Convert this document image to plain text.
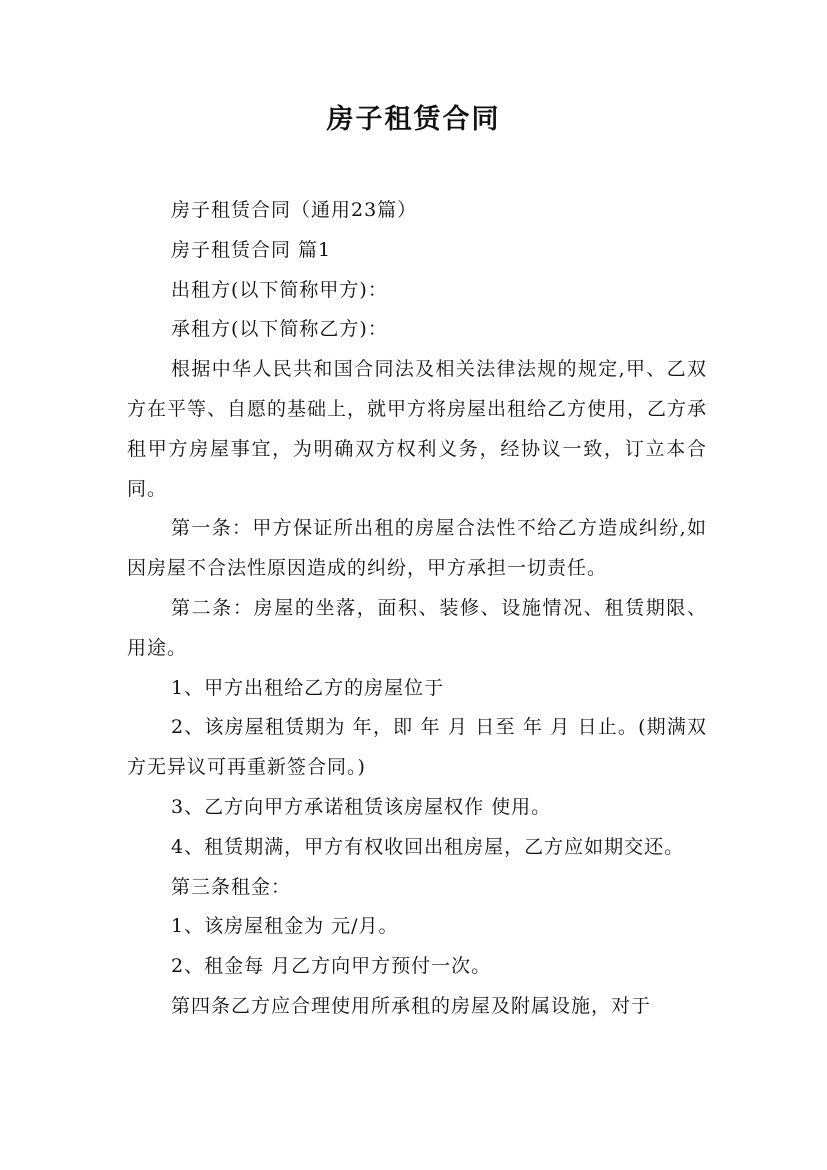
房子租赁合同

房子租赁合同（通用23篇）

房子租赁合同 篇1

出租方(以下简称甲方)：

承租方(以下简称乙方)：

根据中华人民共和国合同法及相关法律法规的规定,甲、乙双方在平等、自愿的基础上，就甲方将房屋出租给乙方使用，乙方承租甲方房屋事宜，为明确双方权利义务，经协议一致，订立本合同。

第一条：甲方保证所出租的房屋合法性不给乙方造成纠纷,如因房屋不合法性原因造成的纠纷，甲方承担一切责任。

第二条：房屋的坐落，面积、装修、设施情况、租赁期限、用途。

1、甲方出租给乙方的房屋位于

2、该房屋租赁期为 年，即 年 月 日至 年 月 日止。(期满双方无异议可再重新签合同。)

3、乙方向甲方承诺租赁该房屋权作 使用。

4、租赁期满，甲方有权收回出租房屋，乙方应如期交还。

第三条租金：

1、该房屋租金为 元/月。

2、租金每 月乙方向甲方预付一次。

第四条乙方应合理使用所承租的房屋及附属设施，对于
